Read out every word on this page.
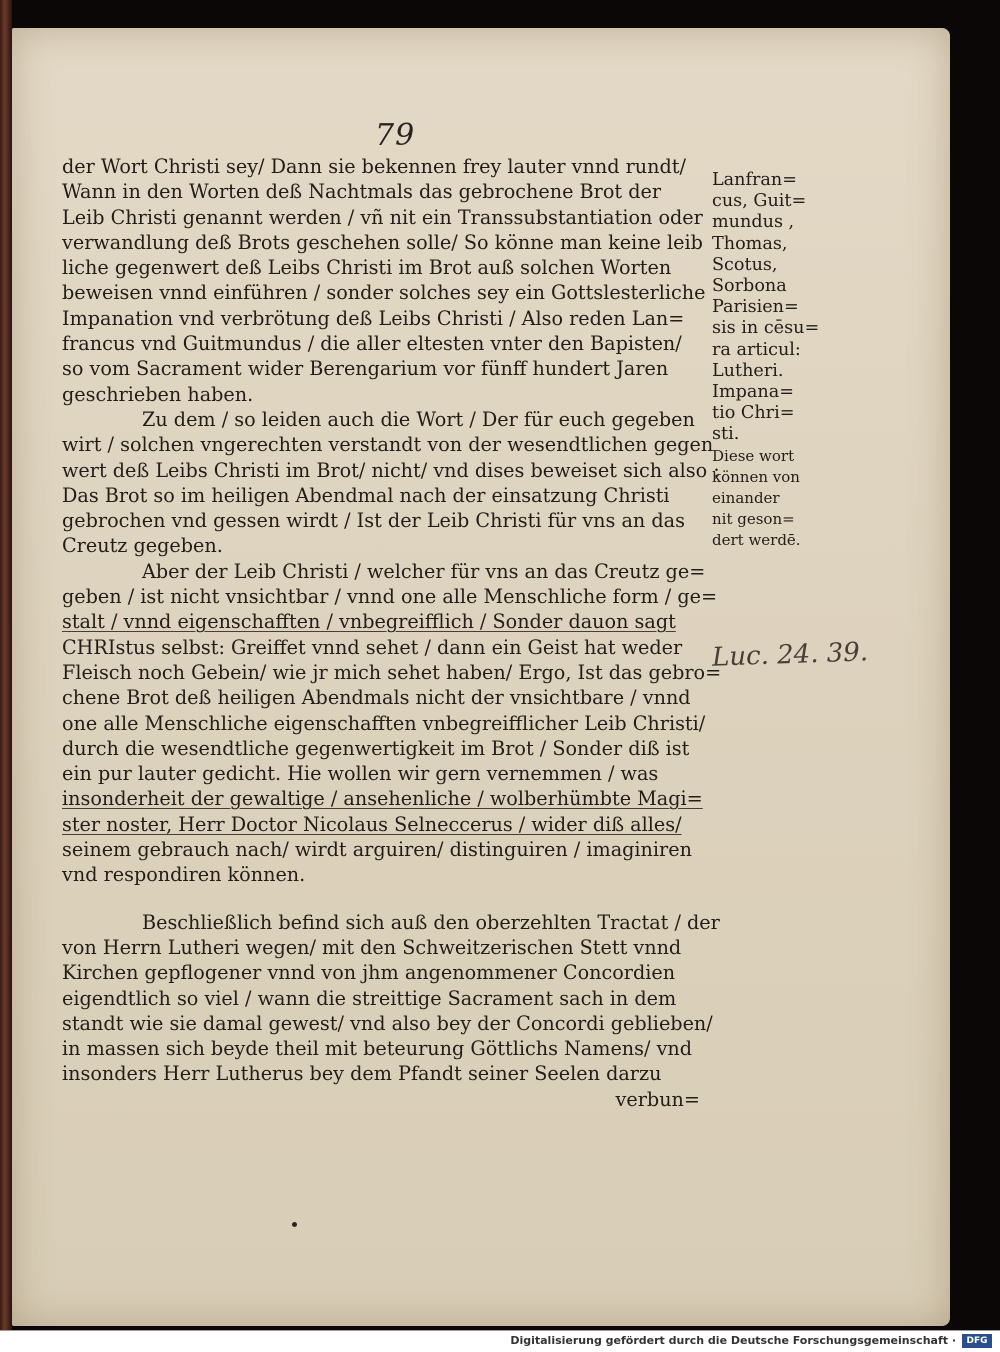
79
der Wort Christi sey/ Dann sie bekennen frey lauter vnnd rundt/
Wann in den Worten deß Nachtmals das gebrochene Brot der
Leib Christi genannt werden / vñ nit ein Transsubstantiation oder
verwandlung deß Brots geschehen solle/ So könne man keine leib
liche gegenwert deß Leibs Christi im Brot auß solchen Worten
beweisen vnnd einführen / sonder solches sey ein Gottslesterliche
Impanation vnd verbrötung deß Leibs Christi / Also reden Lan=
francus vnd Guitmundus / die aller eltesten vnter den Bapisten/
so vom Sacrament wider Berengarium vor fünff hundert Jaren
geschrieben haben.
Zu dem / so leiden auch die Wort / Der für euch gegeben
wirt / solchen vngerechten verstandt von der wesendtlichen gegen
wert deß Leibs Christi im Brot/ nicht/ vnd dises beweiset sich also :
Das Brot so im heiligen Abendmal nach der einsatzung Christi
gebrochen vnd gessen wirdt / Ist der Leib Christi für vns an das
Creutz gegeben.
Aber der Leib Christi / welcher für vns an das Creutz ge=
geben / ist nicht vnsichtbar / vnnd one alle Menschliche form / ge=
stalt / vnnd eigenschafften / vnbegreifflich / Sonder dauon sagt
CHRIstus selbst: Greiffet vnnd sehet / dann ein Geist hat weder
Fleisch noch Gebein/ wie jr mich sehet haben/ Ergo, Ist das gebro=
chene Brot deß heiligen Abendmals nicht der vnsichtbare / vnnd
one alle Menschliche eigenschafften vnbegreifflicher Leib Christi/
durch die wesendtliche gegenwertigkeit im Brot / Sonder diß ist
ein pur lauter gedicht. Hie wollen wir gern vernemmen / was
insonderheit der gewaltige / ansehenliche / wolberhümbte Magi=
ster noster, Herr Doctor Nicolaus Selneccerus / wider diß alles/
seinem gebrauch nach/ wirdt arguiren/ distinguiren / imaginiren
vnd respondiren können.
Beschließlich befind sich auß den oberzehlten Tractat / der
von Herrn Lutheri wegen/ mit den Schweitzerischen Stett vnnd
Kirchen gepflogener vnnd von jhm angenommener Concordien
eigendtlich so viel / wann die streittige Sacrament sach in dem
standt wie sie damal gewest/ vnd also bey der Concordi geblieben/
in massen sich beyde theil mit beteurung Göttlichs Namens/ vnd
insonders Herr Lutherus bey dem Pfandt seiner Seelen darzu
verbun=
Lanfran=
cus, Guit=
mundus ,
Thomas,
Scotus,
Sorbona
Parisien=
sis in cēsu=
ra articul:
Lutheri.
Impana=
tio Chri=
sti.
Diese wort
können von
einander
nit geson=
dert werdē.
Luc. 24. 39.
Digitalisierung gefördert durch die Deutsche Forschungsgemeinschaft ·	DFG
